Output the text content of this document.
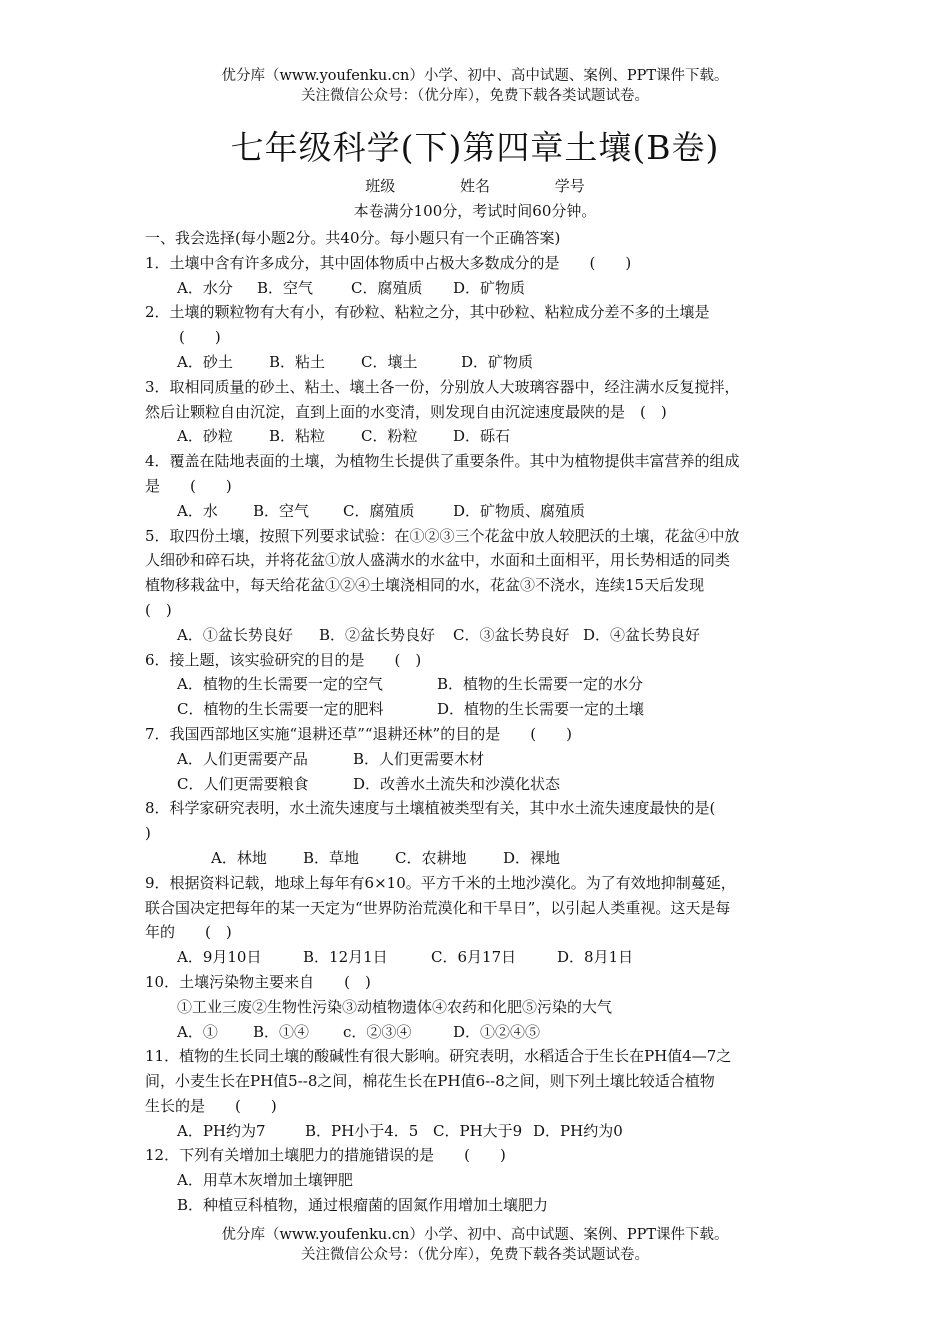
优分库（www.youfenku.cn）小学、初中、高中试题、案例、PPT课件下载。
关注微信公众号：（优分库），免费下载各类试题试卷。
七年级科学(下)第四章土壤(B卷)
班级	姓名	学号
本卷满分100分，考试时间60分钟。
一、我会选择(每小题2分。共40分。每小题只有一个正确答案)
1．土壤中含有许多成分，其中固体物质中占极大多数成分的是　　(　　)
A．水分 B．空气	C．腐殖质 D．矿物质
2．土壤的颗粒物有大有小，有砂粒、粘粒之分，其中砂粒、粘粒成分差不多的土壤是
(　　)
A．砂土 B．粘土 C．壤土	D．矿物质
3．取相同质量的砂土、粘土、壤土各一份，分别放人大玻璃容器中，经注满水反复搅拌，
然后让颗粒自由沉淀，直到上面的水变清，则发现自由沉淀速度最陕的是　(　)
A．砂粒 B．粘粒 C．粉粒 D．砾石
4．覆盖在陆地表面的土壤，为植物生长提供了重要条件。其中为植物提供丰富营养的组成
是　　(　　)
A．水 B．空气 C．腐殖质	D．矿物质、腐殖质
5．取四份土壤，按照下列要求试验：在①②③三个花盆中放人较肥沃的土壤，花盆④中放
人细砂和碎石块，并将花盆①放人盛满水的水盆中，水面和土面相平，用长势相适的同类
植物移栽盆中，每天给花盆①②④土壤浇相同的水，花盆③不浇水，连续15天后发现
(　)
A．①盆长势良好 B．②盆长势良好 C．③盆长势良好 D．④盆长势良好
6．接上题，该实验研究的目的是　　(　)
A．植物的生长需要一定的空气	B．植物的生长需要一定的水分
C．植物的生长需要一定的肥料	D．植物的生长需要一定的土壤
7．我国西部地区实施“退耕还草”“退耕还林”的目的是　　(　　)
A．人们更需要产品	B．人们更需要木材
C．人们更需要粮食	D．改善水土流失和沙漠化状态
8．科学家研究表明，水土流失速度与土壤植被类型有关，其中水土流失速度最快的是(
)
A．林地 B．草地 C．农耕地 D．裸地
9．根据资料记载，地球上每年有6×10。平方千米的土地沙漠化。为了有效地抑制蔓延，
联合国决定把每年的某一天定为“世界防治荒漠化和干旱日”，以引起人类重视。这天是每
年的　　(　)
A．9月10日	B．12月1日	C．6月17日	D．8月1日
10．土壤污染物主要来自　　(　)
①工业三废②生物性污染③动植物遗体④农药和化肥⑤污染的大气
A．① B．①④ c．②③④	D．①②④⑤
11．植物的生长同土壤的酸碱性有很大影响。研究表明，水稻适合于生长在PH值4—7之
间，小麦生长在PH值5--8之间，棉花生长在PH值6--8之间，则下列土壤比较适合植物
生长的是　　(　　)
A．PH约为7	B．PH小于4．5 C．PH大于9 D．PH约为0
12．下列有关增加土壤肥力的措施错误的是　　(　　)
A．用草木灰增加土壤钾肥
B．种植豆科植物，通过根瘤菌的固氮作用增加土壤肥力
优分库（www.youfenku.cn）小学、初中、高中试题、案例、PPT课件下载。
关注微信公众号：（优分库），免费下载各类试题试卷。
